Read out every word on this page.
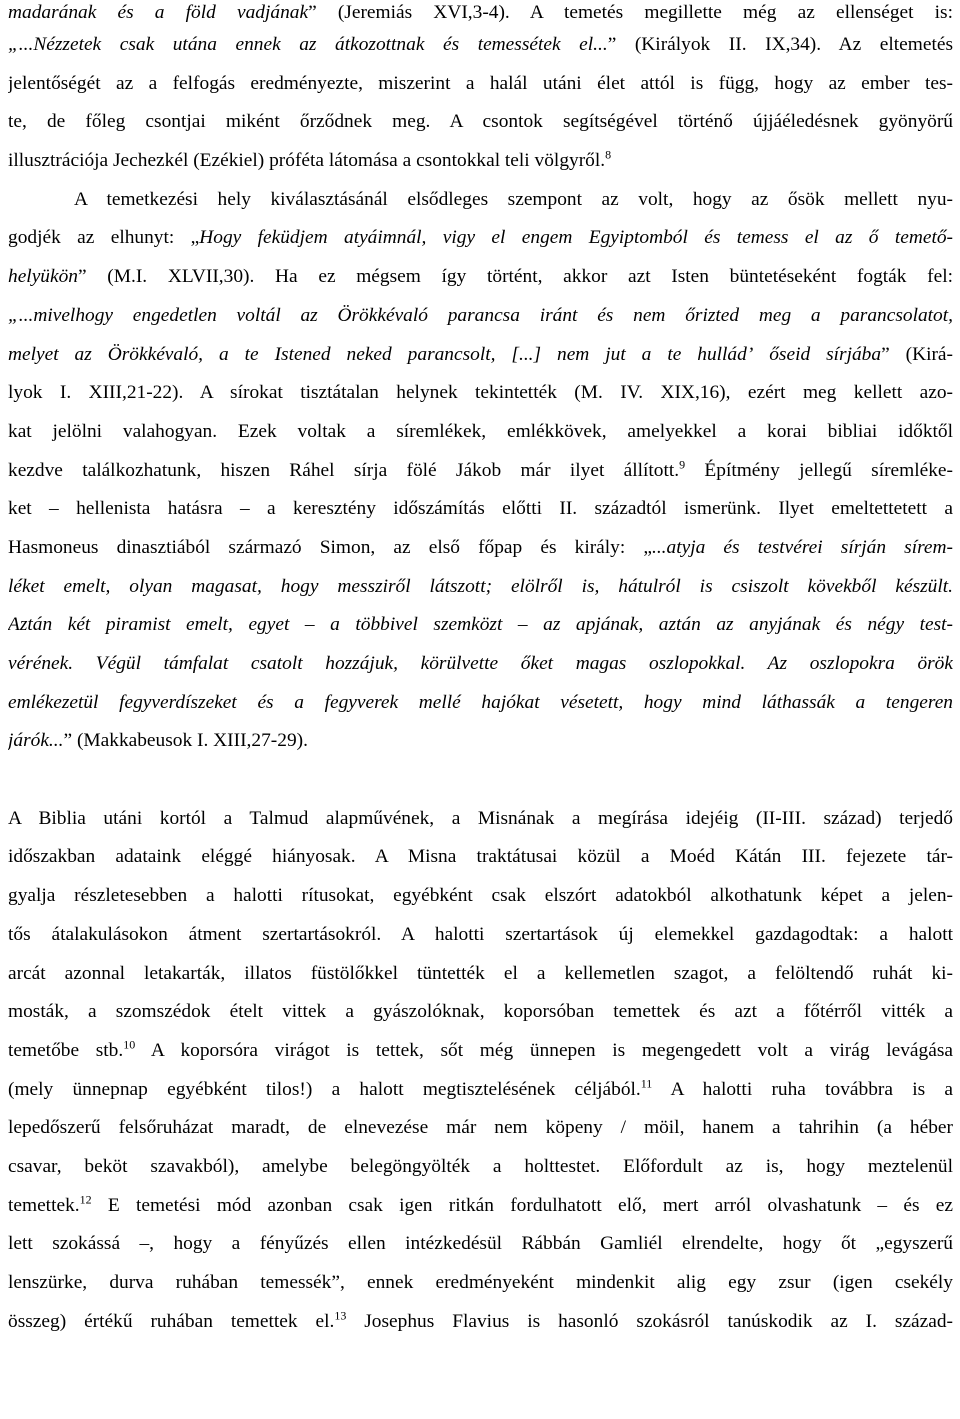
madarának és a föld vadjának” (Jeremiás XVI,3-4). A temetés megillette még az ellenséget is:
„...Nézzetek csak utána ennek az átkozottnak és temessétek el...” (Királyok II. IX,34). Az eltemetés
jelentőségét az a felfogás eredményezte, miszerint a halál utáni élet attól is függ, hogy az ember tes-
te, de főleg csontjai miként őrződnek meg. A csontok segítségével történő újjáéledésnek gyönyörű
illusztrációja Jechezkél (Ezékiel) próféta látomása a csontokkal teli völgyről.$^8$
A temetkezési hely kiválasztásánál elsődleges szempont az volt, hogy az ősök mellett nyu-
godjék az elhunyt: „Hogy feküdjem atyáimnál, vigy el engem Egyiptomból és temess el az ő temető-
helyükön” (M.I. XLVII,30). Ha ez mégsem így történt, akkor azt Isten büntetéseként fogták fel:
„...mivelhogy engedetlen voltál az Örökkévaló parancsa iránt és nem őrizted meg a parancsolatot,
melyet az Örökkévaló, a te Istened neked parancsolt, [...] nem jut a te hulládʼ őseid sírjába” (Kirá-
lyok I. XIII,21-22). A sírokat tisztátalan helynek tekintették (M. IV. XIX,16), ezért meg kellett azo-
kat jelölni valahogyan. Ezek voltak a síremlékek, emlékkövek, amelyekkel a korai bibliai időktől
kezdve találkozhatunk, hiszen Ráhel sírja fölé Jákob már ilyet állított.$^9$ Építmény jellegű síremléke-
ket – hellenista hatásra – a keresztény időszámítás előtti II. századtól ismerünk. Ilyet emeltettetett a
Hasmoneus dinasztiából származó Simon, az első főpap és király: „...atyja és testvérei sírján sírem-
léket emelt, olyan magasat, hogy messziről látszott; elölről is, hátulról is csiszolt kövekből készült.
Aztán két piramist emelt, egyet – a többivel szemközt – az apjának, aztán az anyjának és négy test-
vérének. Végül támfalat csatolt hozzájuk, körülvette őket magas oszlopokkal. Az oszlopokra örök
emlékezetül fegyverdíszeket és a fegyverek mellé hajókat vésetett, hogy mind láthassák a tengeren
járók...” (Makkabeusok I. XIII,27-29).
A Biblia utáni kortól a Talmud alapművének, a Misnának a megírása idejéig (II-III. század) terjedő
időszakban adataink eléggé hiányosak. A Misna traktátusai közül a Moéd Kátán III. fejezete tár-
gyalja részletesebben a halotti rítusokat, egyébként csak elszórt adatokból alkothatunk képet a jelen-
tős átalakulásokon átment szertartásokról. A halotti szertartások új elemekkel gazdagodtak: a halott
arcát azonnal letakarták, illatos füstölőkkel tüntették el a kellemetlen szagot, a felöltendő ruhát ki-
mosták, a szomszédok ételt vittek a gyászolóknak, koporsóban temettek és azt a főtérről vitték a
temetőbe stb.$^{10}$ A koporsóra virágot is tettek, sőt még ünnepen is megengedett volt a virág levágása
(mely ünnepnap egyébként tilos!) a halott megtisztelésének céljából.$^{11}$ A halotti ruha továbbra is a
lepedőszerű felsőruházat maradt, de elnevezése már nem köpeny / möil, hanem a tahrihin (a héber
csavar, beköt szavakból), amelybe belegöngyölték a holttestet. Előfordult az is, hogy meztelenül
temettek.$^{12}$ E temetési mód azonban csak igen ritkán fordulhatott elő, mert arról olvashatunk – és ez
lett szokássá –, hogy a fényűzés ellen intézkedésül Rábbán Gamliél elrendelte, hogy őt „egyszerű
lenszürke, durva ruhában temessék”, ennek eredményeként mindenkit alig egy zsur (igen csekély
összeg) értékű ruhában temettek el.$^{13}$ Josephus Flavius is hasonló szokásról tanúskodik az I. század-
